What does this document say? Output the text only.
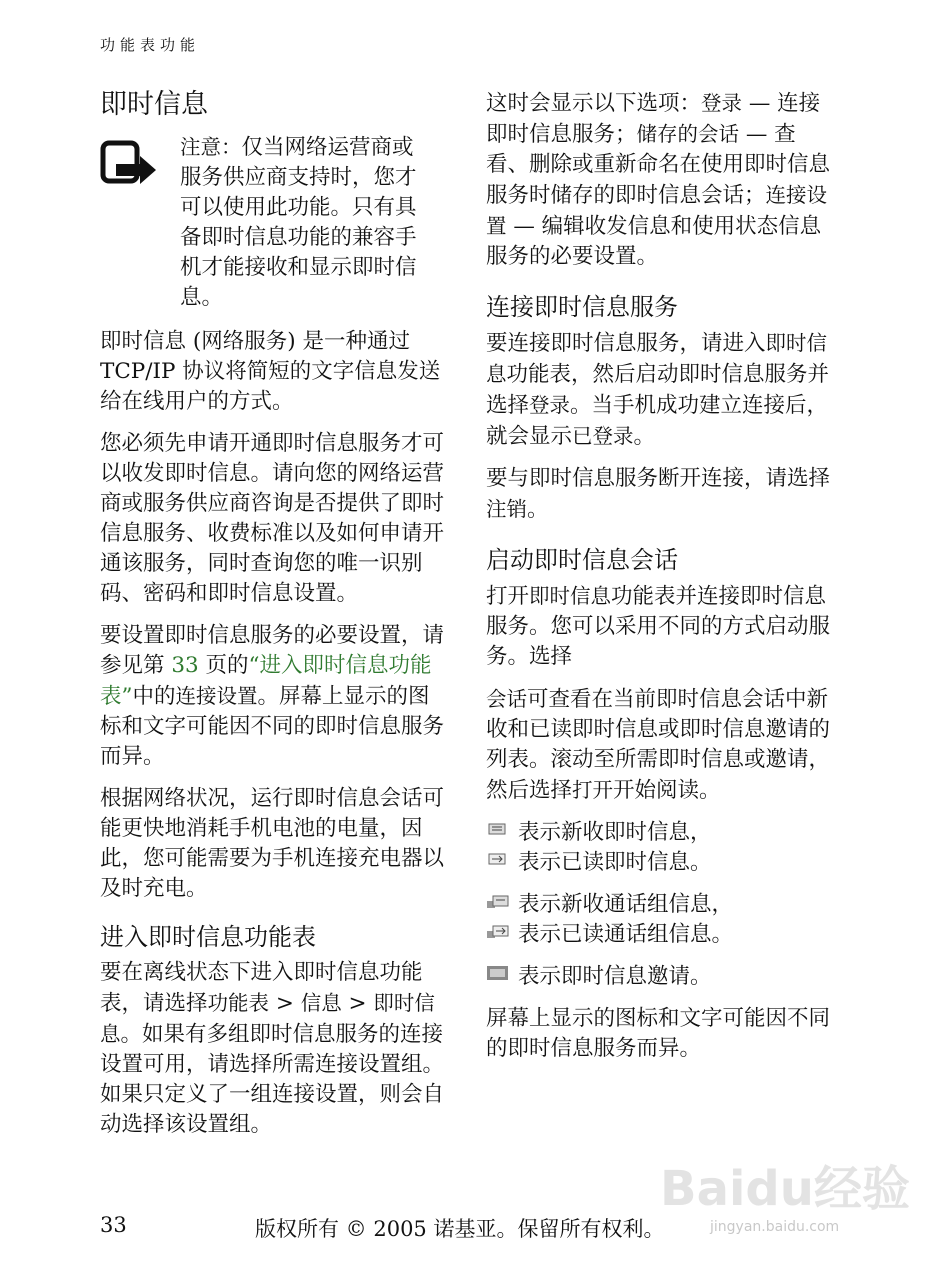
功能表功能
即时信息

注意：仅当网络运营商或服务供应商支持时，您才可以使用此功能。只有具备即时信息功能的兼容手机才能接收和显示即时信息。

即时信息 (网络服务) 是一种通过 TCP/IP 协议将简短的文字信息发送给在线用户的方式。

您必须先申请开通即时信息服务才可以收发即时信息。请向您的网络运营商或服务供应商咨询是否提供了即时信息服务、收费标准以及如何申请开通该服务，同时查询您的唯一识别码、密码和即时信息设置。

要设置即时信息服务的必要设置，请参见第 33 页的“进入即时信息功能表”中的连接设置。屏幕上显示的图标和文字可能因不同的即时信息服务而异。

根据网络状况，运行即时信息会话可能更快地消耗手机电池的电量，因此，您可能需要为手机连接充电器以及时充电。

进入即时信息功能表

要在离线状态下进入即时信息功能表，请选择功能表 > 信息 > 即时信息。如果有多组即时信息服务的连接设置可用，请选择所需连接设置组。如果只定义了一组连接设置，则会自动选择该设置组。

这时会显示以下选项：登录 — 连接即时信息服务；储存的会话 — 查看、删除或重新命名在使用即时信息服务时储存的即时信息会话；连接设置 — 编辑收发信息和使用状态信息服务的必要设置。

连接即时信息服务

要连接即时信息服务，请进入即时信息功能表，然后启动即时信息服务并选择登录。当手机成功建立连接后，就会显示已登录。

要与即时信息服务断开连接，请选择注销。

启动即时信息会话

打开即时信息功能表并连接即时信息服务。您可以采用不同的方式启动服务。选择

会话可查看在当前即时信息会话中新收和已读即时信息或即时信息邀请的列表。滚动至所需即时信息或邀请，然后选择打开开始阅读。

表示新收即时信息，
表示已读即时信息。
表示新收通话组信息，
表示已读通话组信息。
表示即时信息邀请。

屏幕上显示的图标和文字可能因不同的即时信息服务而异。

Baidu经验
jingyan.baidu.com
33	版权所有 © 2005 诺基亚。保留所有权利。
